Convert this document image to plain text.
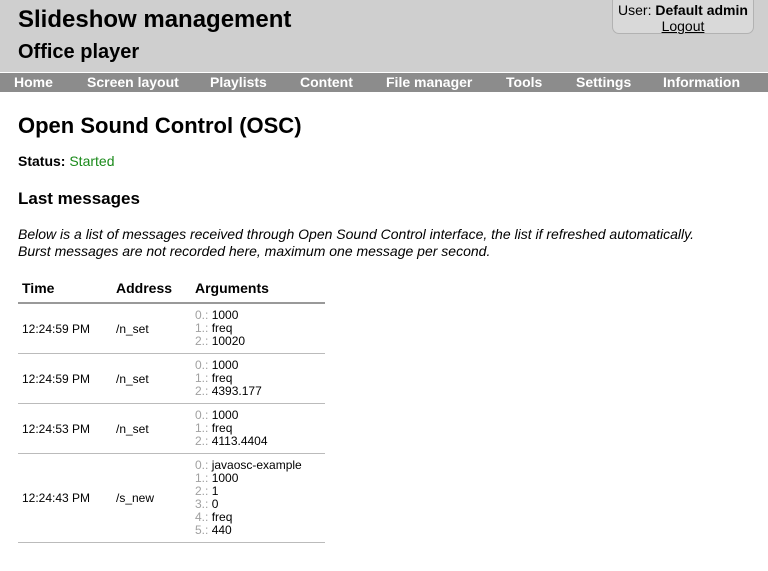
Slideshow management
Office player
User: Default admin
Logout
Home Screen layout Playlists Content File manager Tools Settings Information
Open Sound Control (OSC)
Status: Started
Last messages
Below is a list of messages received through Open Sound Control interface, the list if refreshed automatically.
Burst messages are not recorded here, maximum one message per second.
Time	Address Arguments
12:24:59 PM /n_set
0.: 1000
1.: freq
2.: 10020
12:24:59 PM /n_set
0.: 1000
1.: freq
2.: 4393.177
12:24:53 PM /n_set
0.: 1000
1.: freq
2.: 4113.4404
12:24:43 PM /s_new
0.: javaosc-example
1.: 1000
2.: 1
3.: 0
4.: freq
5.: 440
